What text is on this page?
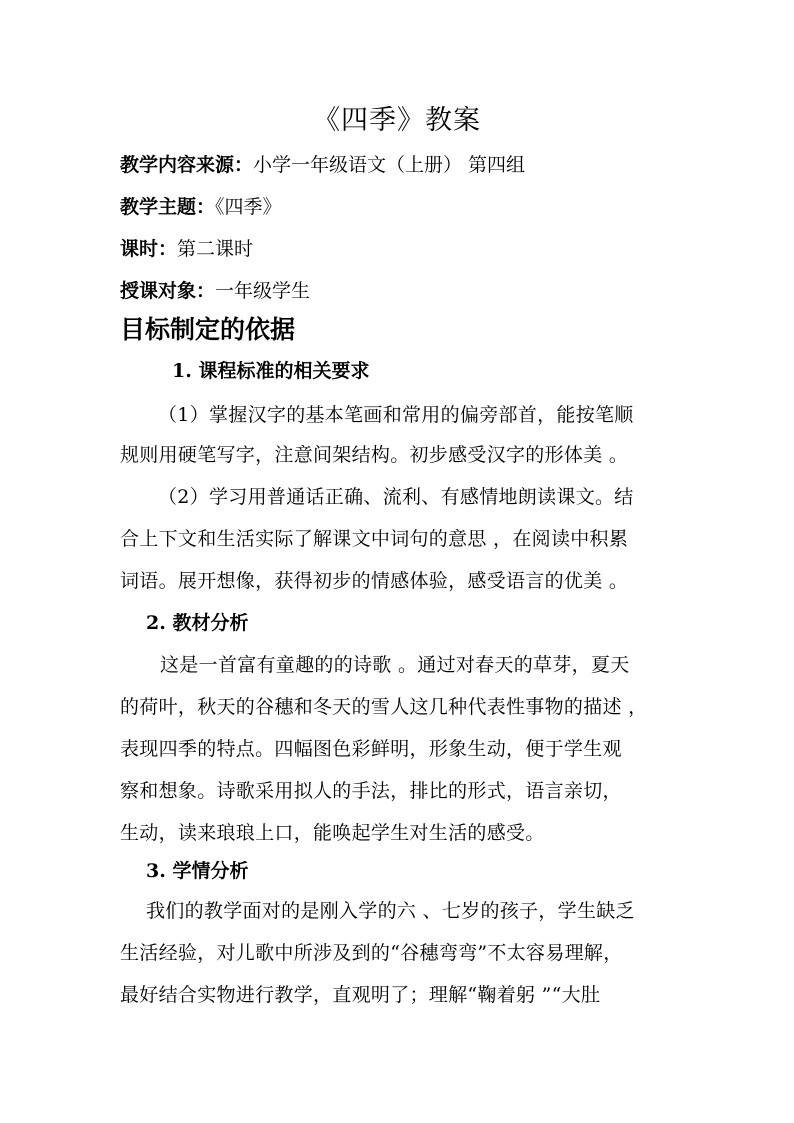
《四季》教案
教学内容来源：小学一年级语文（上册） 第四组
教学主题：《四季》
课时：第二课时
授课对象：一年级学生
目标制定的依据
1. 课程标准的相关要求
（1）掌握汉字的基本笔画和常用的偏旁部首，能按笔顺
规则用硬笔写字，注意间架结构。初步感受汉字的形体美 。
（2）学习用普通话正确、流利、有感情地朗读课文。结
合上下文和生活实际了解课文中词句的意思 ，在阅读中积累
词语。展开想像，获得初步的情感体验，感受语言的优美 。
2. 教材分析
这是一首富有童趣的的诗歌 。通过对春天的草芽，夏天
的荷叶，秋天的谷穗和冬天的雪人这几种代表性事物的描述 ，
表现四季的特点。四幅图色彩鲜明，形象生动，便于学生观
察和想象。诗歌采用拟人的手法，排比的形式，语言亲切，
生动，读来琅琅上口，能唤起学生对生活的感受。
3. 学情分析
我们的教学面对的是刚入学的六 、七岁的孩子，学生缺乏
生活经验，对儿歌中所涉及到的“谷穗弯弯”不太容易理解，
最好结合实物进行教学，直观明了；理解“鞠着躬 ”“大肚
